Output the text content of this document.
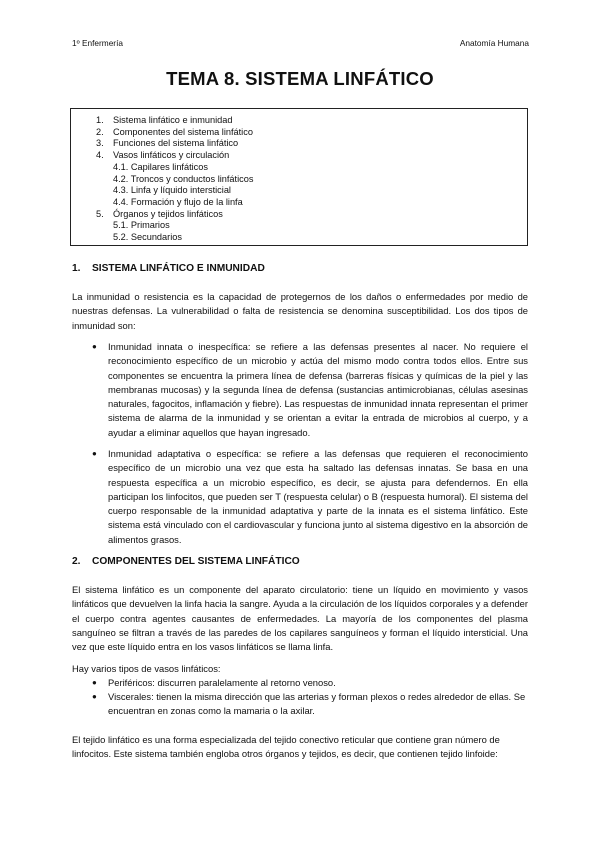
1º Enfermería	Anatomía Humana
TEMA 8. SISTEMA LINFÁTICO
1. Sistema linfático e inmunidad
2. Componentes del sistema linfático
3. Funciones del sistema linfático
4. Vasos linfáticos y circulación
4.1. Capilares linfáticos
4.2. Troncos y conductos linfáticos
4.3. Linfa y líquido intersticial
4.4. Formación y flujo de la linfa
5. Órganos y tejidos linfáticos
5.1. Primarios
5.2. Secundarios
1. SISTEMA LINFÁTICO E INMUNIDAD

La inmunidad o resistencia es la capacidad de protegernos de los daños o enfermedades por medio de nuestras defensas. La vulnerabilidad o falta de resistencia se denomina susceptibilidad. Los dos tipos de inmunidad son:

● Inmunidad innata o inespecífica: se refiere a las defensas presentes al nacer. No requiere el reconocimiento específico de un microbio y actúa del mismo modo contra todos ellos. Entre sus componentes se encuentra la primera línea de defensa (barreras físicas y químicas de la piel y las membranas mucosas) y la segunda línea de defensa (sustancias antimicrobianas, células asesinas naturales, fagocitos, inflamación y fiebre). Las respuestas de inmunidad innata representan el primer sistema de alarma de la inmunidad y se orientan a evitar la entrada de microbios al cuerpo, y a ayudar a eliminar aquellos que hayan ingresado.

● Inmunidad adaptativa o específica: se refiere a las defensas que requieren el reconocimiento específico de un microbio una vez que esta ha saltado las defensas innatas. Se basa en una respuesta específica a un microbio específico, es decir, se ajusta para defendernos. En ella participan los linfocitos, que pueden ser T (respuesta celular) o B (respuesta humoral). El sistema del cuerpo responsable de la inmunidad adaptativa y parte de la innata es el sistema linfático. Este sistema está vinculado con el cardiovascular y funciona junto al sistema digestivo en la absorción de alimentos grasos.

2. COMPONENTES DEL SISTEMA LINFÁTICO

El sistema linfático es un componente del aparato circulatorio: tiene un líquido en movimiento y vasos linfáticos que devuelven la linfa hacia la sangre. Ayuda a la circulación de los líquidos corporales y a defender el cuerpo contra agentes causantes de enfermedades. La mayoría de los componentes del plasma sanguíneo se filtran a través de las paredes de los capilares sanguíneos y forman el líquido intersticial. Una vez que este líquido entra en los vasos linfáticos se llama linfa.

Hay varios tipos de vasos linfáticos:
● Periféricos: discurren paralelamente al retorno venoso.

● Viscerales: tienen la misma dirección que las arterias y forman plexos o redes alrededor de ellas. Se encuentran en zonas como la mamaria o la axilar.

El tejido linfático es una forma especializada del tejido conectivo reticular que contiene gran número de linfocitos. Este sistema también engloba otros órganos y tejidos, es decir, que contienen tejido linfoide:
